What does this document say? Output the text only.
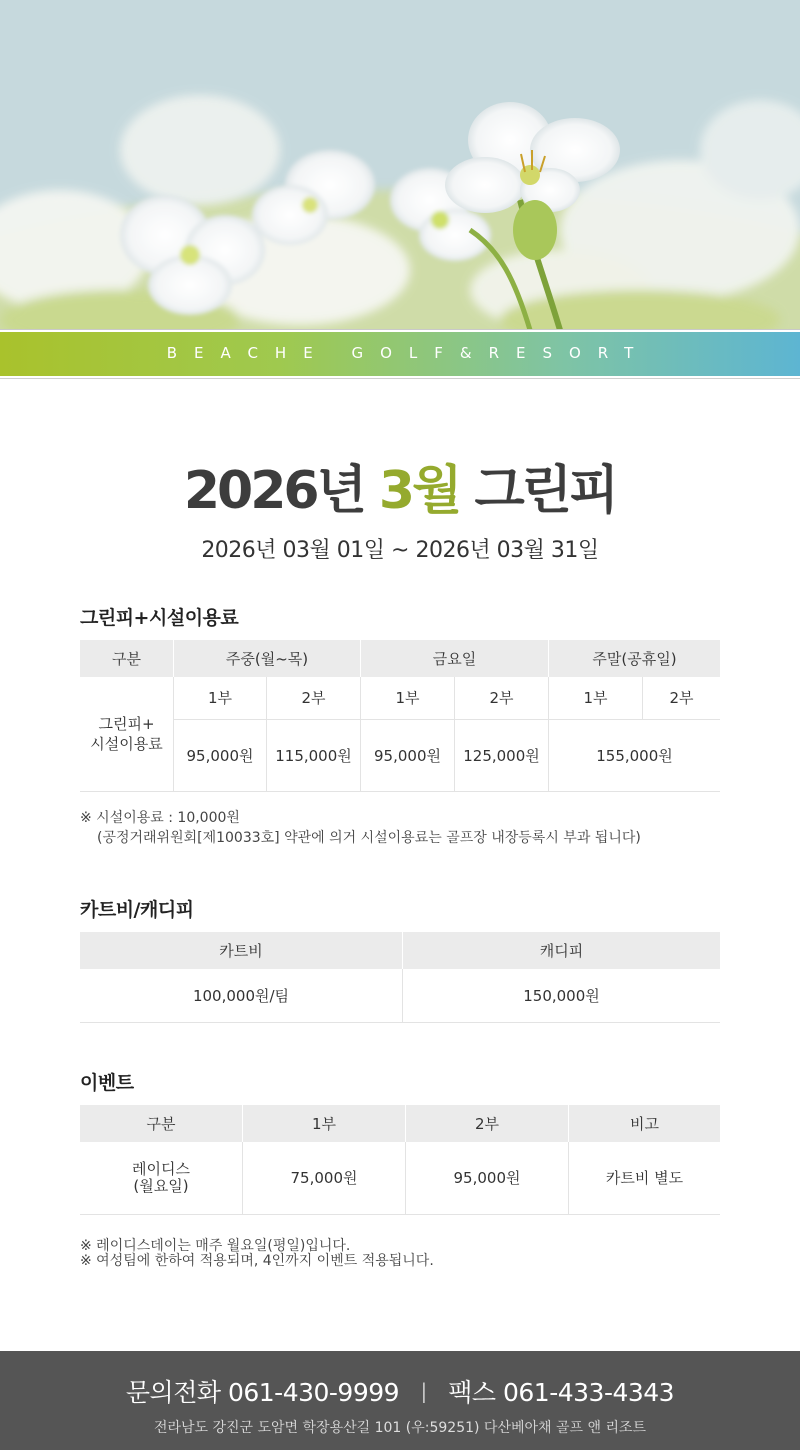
BEACHE GOLF&RESORT
2026년 3월 그린피
2026년 03월 01일 ~ 2026년 03월 31일
그린피+시설이용료
구분	주중(월~목)		금요일		주말(공휴일)	
그린피+
시설이용료	1부	2부	1부	2부	1부	2부
	95,000원	115,000원	95,000원	125,000원	155,000원	
※ 시설이용료 : 10,000원
(공정거래위원회[제10033호] 약관에 의거 시설이용료는 골프장 내장등록시 부과 됩니다)
카트비/캐디피
카트비	캐디피
100,000원/팀	150,000원
이벤트
구분	1부	2부	비고
레이디스
(월요일)	75,000원	95,000원	카트비 별도
※ 레이디스데이는 매주 월요일(평일)입니다.
※ 여성팀에 한하여 적용되며, 4인까지 이벤트 적용됩니다.
문의전화 061-430-9999 | 팩스 061-433-4343
전라남도 강진군 도암면 학장용산길 101 (우:59251) 다산베아채 골프 앤 리조트
